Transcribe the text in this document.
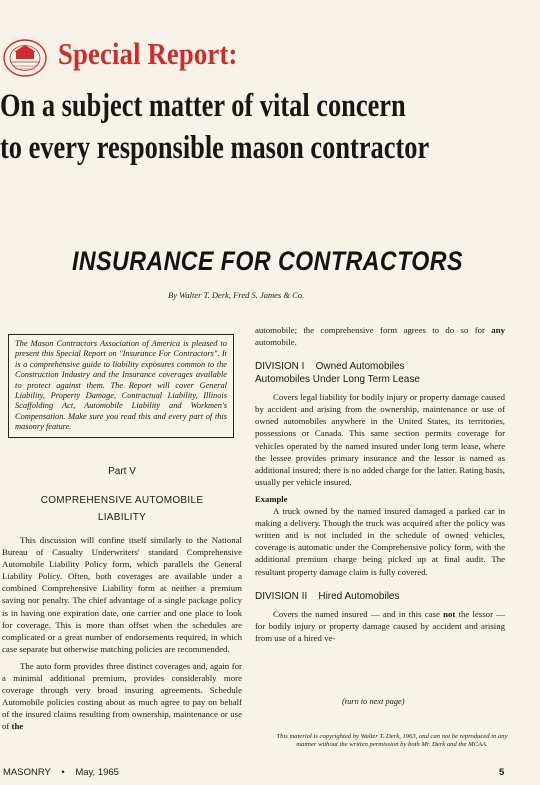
Special Report:
On a subject matter of vital concern
to every responsible mason contractor
INSURANCE FOR CONTRACTORS
By Walter T. Derk, Fred S. James & Co.
The Mason Contractors Association of America is pleased to present this Special Report on "Insurance For Contractors". It is a comprehensive guide to liability exposures common to the Construction Industry and the Insurance coverages available to protect against them. The Report will cover General Liability, Property Damage, Contractual Liability, Illinois Scaffolding Act, Automobile Liability and Workmen's Compensation. Make sure you read this and every part of this masonry feature.
Part V
COMPREHENSIVE AUTOMOBILE
LIABILITY

This discussion will confine itself similarly to the National Bureau of Casualty Underwriters' standard Comprehensive Automobile Liability Policy form, which parallels the General Liability Policy. Often, both coverages are available under a combined Comprehensive Liability form at neither a premium saving nor penalty. The chief advantage of a single package policy is in having one expiration date, one carrier and one place to look for coverage. This is more than offset when the schedules are complicated or a great number of endorsements required, in which case separate but otherwise matching policies are recommended.

The auto form provides three distinct coverages and, again for a minimal additional premium, provides considerably more coverage through very broad insuring agreements. Schedule Automobile policies costing about as much agree to pay on behalf of the insured claims resulting from ownership, maintenance or use of the

automobile; the comprehensive form agrees to do so for any automobile.

DIVISION I    Owned Automobiles

Automobiles Under Long Term Lease

Covers legal liability for bodily injury or property damage caused by accident and arising from the ownership, maintenance or use of owned automobiles anywhere in the United States, its territories, possessions or Canada. This same section permits coverage for vehicles operated by the named insured under long term lease, where the lessee provides primary insurance and the lessor is named as additional insured; there is no added charge for the latter. Rating basis, usually per vehicle insured.

Example

A truck owned by the named insured damaged a parked car in making a delivery. Though the truck was acquired after the policy was written and is not included in the schedule of owned vehicles, coverage is automatic under the Comprehensive policy form, with the additional premium charge being picked up at final audit. The resultant property damage claim is fully covered.

DIVISION II    Hired Automobiles

Covers the named insured — and in this case not the lessor — for bodily injury or property damage caused by accident and arising from use of a hired ve-

(turn to next page)
This material is copyrighted by Walter T. Derk, 1963, and can not be reproduced in any manner without the written permission by both Mr. Derk and the MCAA.
MASONRY • May, 1965	5
